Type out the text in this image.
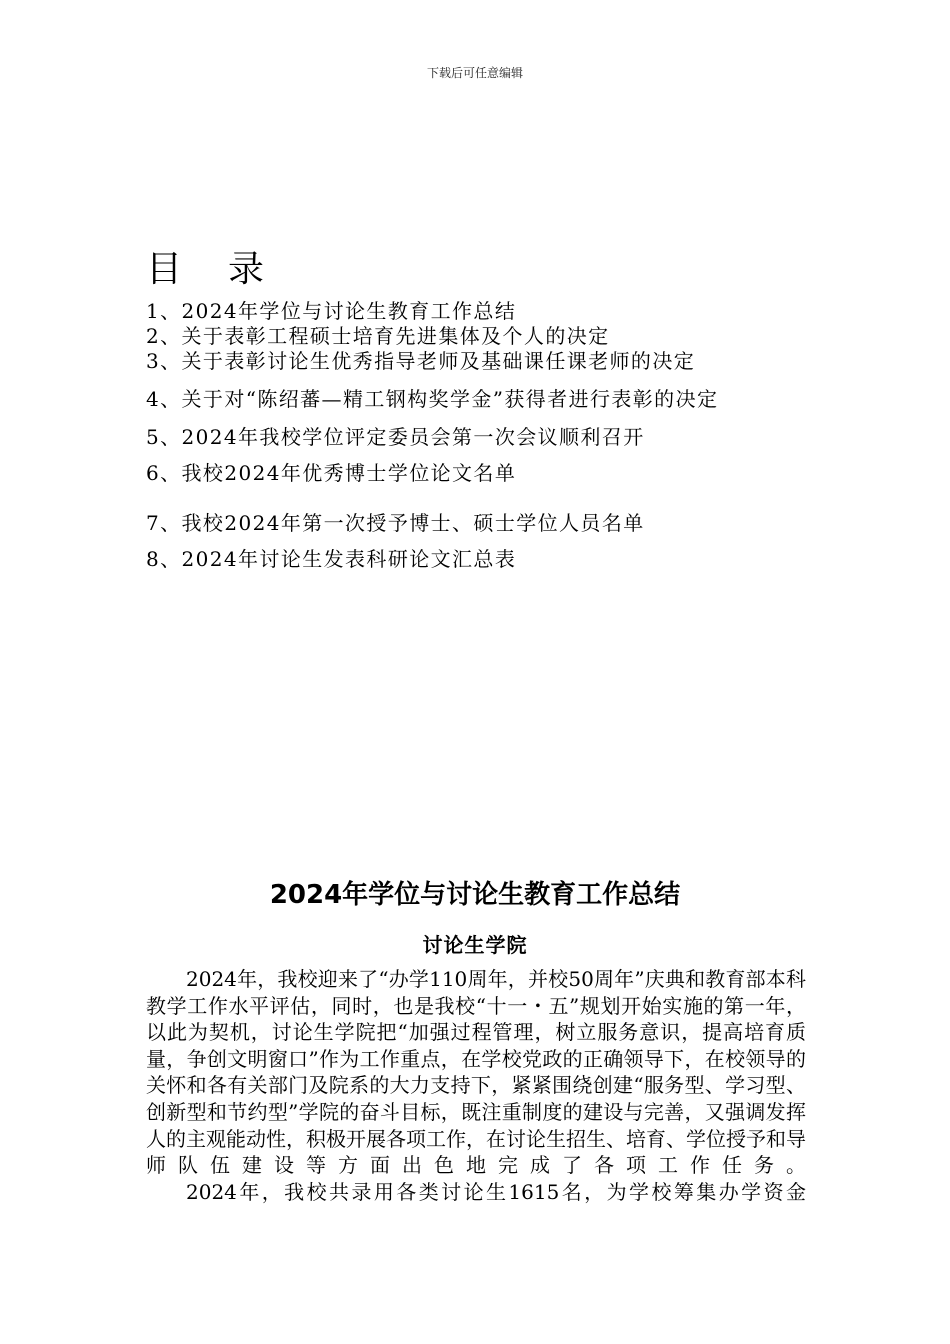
下载后可任意编辑
目 录
1、2024年学位与讨论生教育工作总结
2、关于表彰工程硕士培育先进集体及个人的决定
3、关于表彰讨论生优秀指导老师及基础课任课老师的决定
4、关于对“陈绍蕃—精工钢构奖学金”获得者进行表彰的决定
5、2024年我校学位评定委员会第一次会议顺利召开
6、我校2024年优秀博士学位论文名单
7、我校2024年第一次授予博士、硕士学位人员名单
8、2024年讨论生发表科研论文汇总表
2024年学位与讨论生教育工作总结
讨论生学院

2024年，我校迎来了“办学110周年，并校50周年”庆典和教育部本科教学工作水平评估，同时，也是我校“十一・五”规划开始实施的第一年，以此为契机，讨论生学院把“加强过程管理，树立服务意识，提高培育质量，争创文明窗口”作为工作重点，在学校党政的正确领导下，在校领导的关怀和各有关部门及院系的大力支持下，紧紧围绕创建“服务型、学习型、创新型和节约型”学院的奋斗目标，既注重制度的建设与完善，又强调发挥人的主观能动性，积极开展各项工作，在讨论生招生、培育、学位授予和导师队伍建设等方面出色地完成了各项工作任务。

2024年，我校共录用各类讨论生1615名，为学校筹集办学资金
